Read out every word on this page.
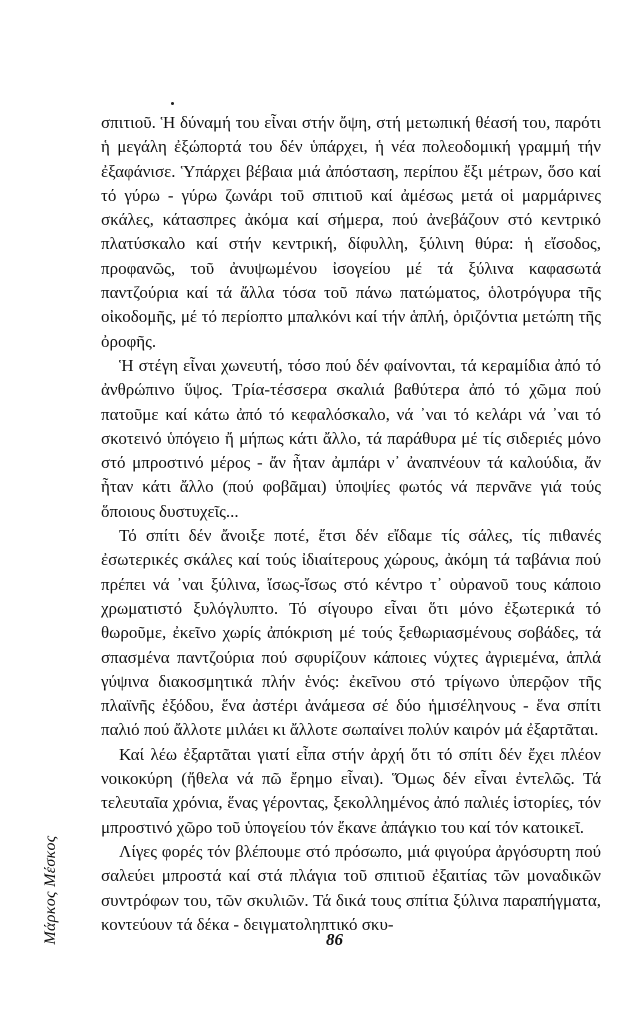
σπιτιοῦ. Ἡ δύναμή του εἶναι στήν ὄψη, στή μετωπική θέασή του, παρότι ἡ μεγάλη ἐξώπορτά του δέν ὑπάρχει, ἡ νέα πολεοδομική γραμμή τήν ἐξαφάνισε. Ὑπάρχει βέβαια μιά ἀπόσταση, περίπου ἔξι μέτρων, ὅσο καί τό γύρω - γύρω ζωνάρι τοῦ σπιτιοῦ καί ἀμέσως μετά οἱ μαρμάρινες σκάλες, κάτασπρες ἀκόμα καί σήμερα, πού ἀνεβάζουν στό κεντρικό πλατύσκαλο καί στήν κεντρική, δίφυλλη, ξύλινη θύρα: ἡ εἴσοδος, προφανῶς, τοῦ ἀνυψωμένου ἰσογείου μέ τά ξύλινα καφασωτά παντζούρια καί τά ἄλλα τόσα τοῦ πάνω πατώματος, ὁλοτρόγυρα τῆς οἰκοδομῆς, μέ τό περίοπτο μπαλκόνι καί τήν ἁπλή, ὁριζόντια μετώπη τῆς ὀροφῆς.

Ἡ στέγη εἶναι χωνευτή, τόσο πού δέν φαίνονται, τά κεραμίδια ἀπό τό ἀνθρώπινο ὕψος. Τρία-τέσσερα σκαλιά βαθύτερα ἀπό τό χῶμα πού πατοῦμε καί κάτω ἀπό τό κεφαλόσκαλο, νά ᾽ναι τό κελάρι νά ᾽ναι τό σκοτεινό ὑπόγειο ἤ μήπως κάτι ἄλλο, τά παράθυρα μέ τίς σιδεριές μόνο στό μπροστινό μέρος - ἄν ἦταν ἀμπάρι ν᾽ ἀναπνέουν τά καλούδια, ἄν ἦταν κάτι ἄλλο (πού φοβᾶμαι) ὑποψίες φωτός νά περνᾶνε γιά τούς ὅποιους δυστυχεῖς...

Τό σπίτι δέν ἄνοιξε ποτέ, ἔτσι δέν εἴδαμε τίς σάλες, τίς πιθανές ἐσωτερικές σκάλες καί τούς ἰδιαίτερους χώρους, ἀκόμη τά ταβάνια πού πρέπει νά ᾽ναι ξύλινα, ἴσως-ἴσως στό κέντρο τ᾽ οὐρανοῦ τους κάποιο χρωματιστό ξυλόγλυπτο. Τό σίγουρο εἶναι ὅτι μόνο ἐξωτερικά τό θωροῦμε, ἐκεῖνο χωρίς ἀπόκριση μέ τούς ξεθωριασμένους σοβάδες, τά σπασμένα παντζούρια πού σφυρίζουν κάποιες νύχτες ἀγριεμένα, ἁπλά γύψινα διακοσμητικά πλήν ἑνός: ἐκεῖνου στό τρίγωνο ὑπερῷον τῆς πλαϊνῆς ἐξόδου, ἕνα ἀστέρι ἀνάμεσα σέ δύο ἡμισέληνους - ἕνα σπίτι παλιό πού ἄλλοτε μιλάει κι ἄλλοτε σωπαίνει πολύν καιρόν μά ἐξαρτᾶται.

Καί λέω ἐξαρτᾶται γιατί εἶπα στήν ἀρχή ὅτι τό σπίτι δέν ἔχει πλέον νοικοκύρη (ἤθελα νά πῶ ἔρημο εἶναι). Ὅμως δέν εἶναι ἐντελῶς. Τά τελευταῖα χρόνια, ἕνας γέροντας, ξεκολλημένος ἀπό παλιές ἱστορίες, τόν μπροστινό χῶρο τοῦ ὑπογείου τόν ἔκανε ἀπάγκιο του καί τόν κατοικεῖ.

Λίγες φορές τόν βλέπουμε στό πρόσωπο, μιά φιγούρα ἀργόσυρτη πού σαλεύει μπροστά καί στά πλάγια τοῦ σπιτιοῦ ἐξαιτίας τῶν μοναδικῶν συντρόφων του, τῶν σκυλιῶν. Τά δικά τους σπίτια ξύλινα παραπήγματα, κοντεύουν τά δέκα - δειγματοληπτικό σκυ-

Μάρκος Μέσκος	86
